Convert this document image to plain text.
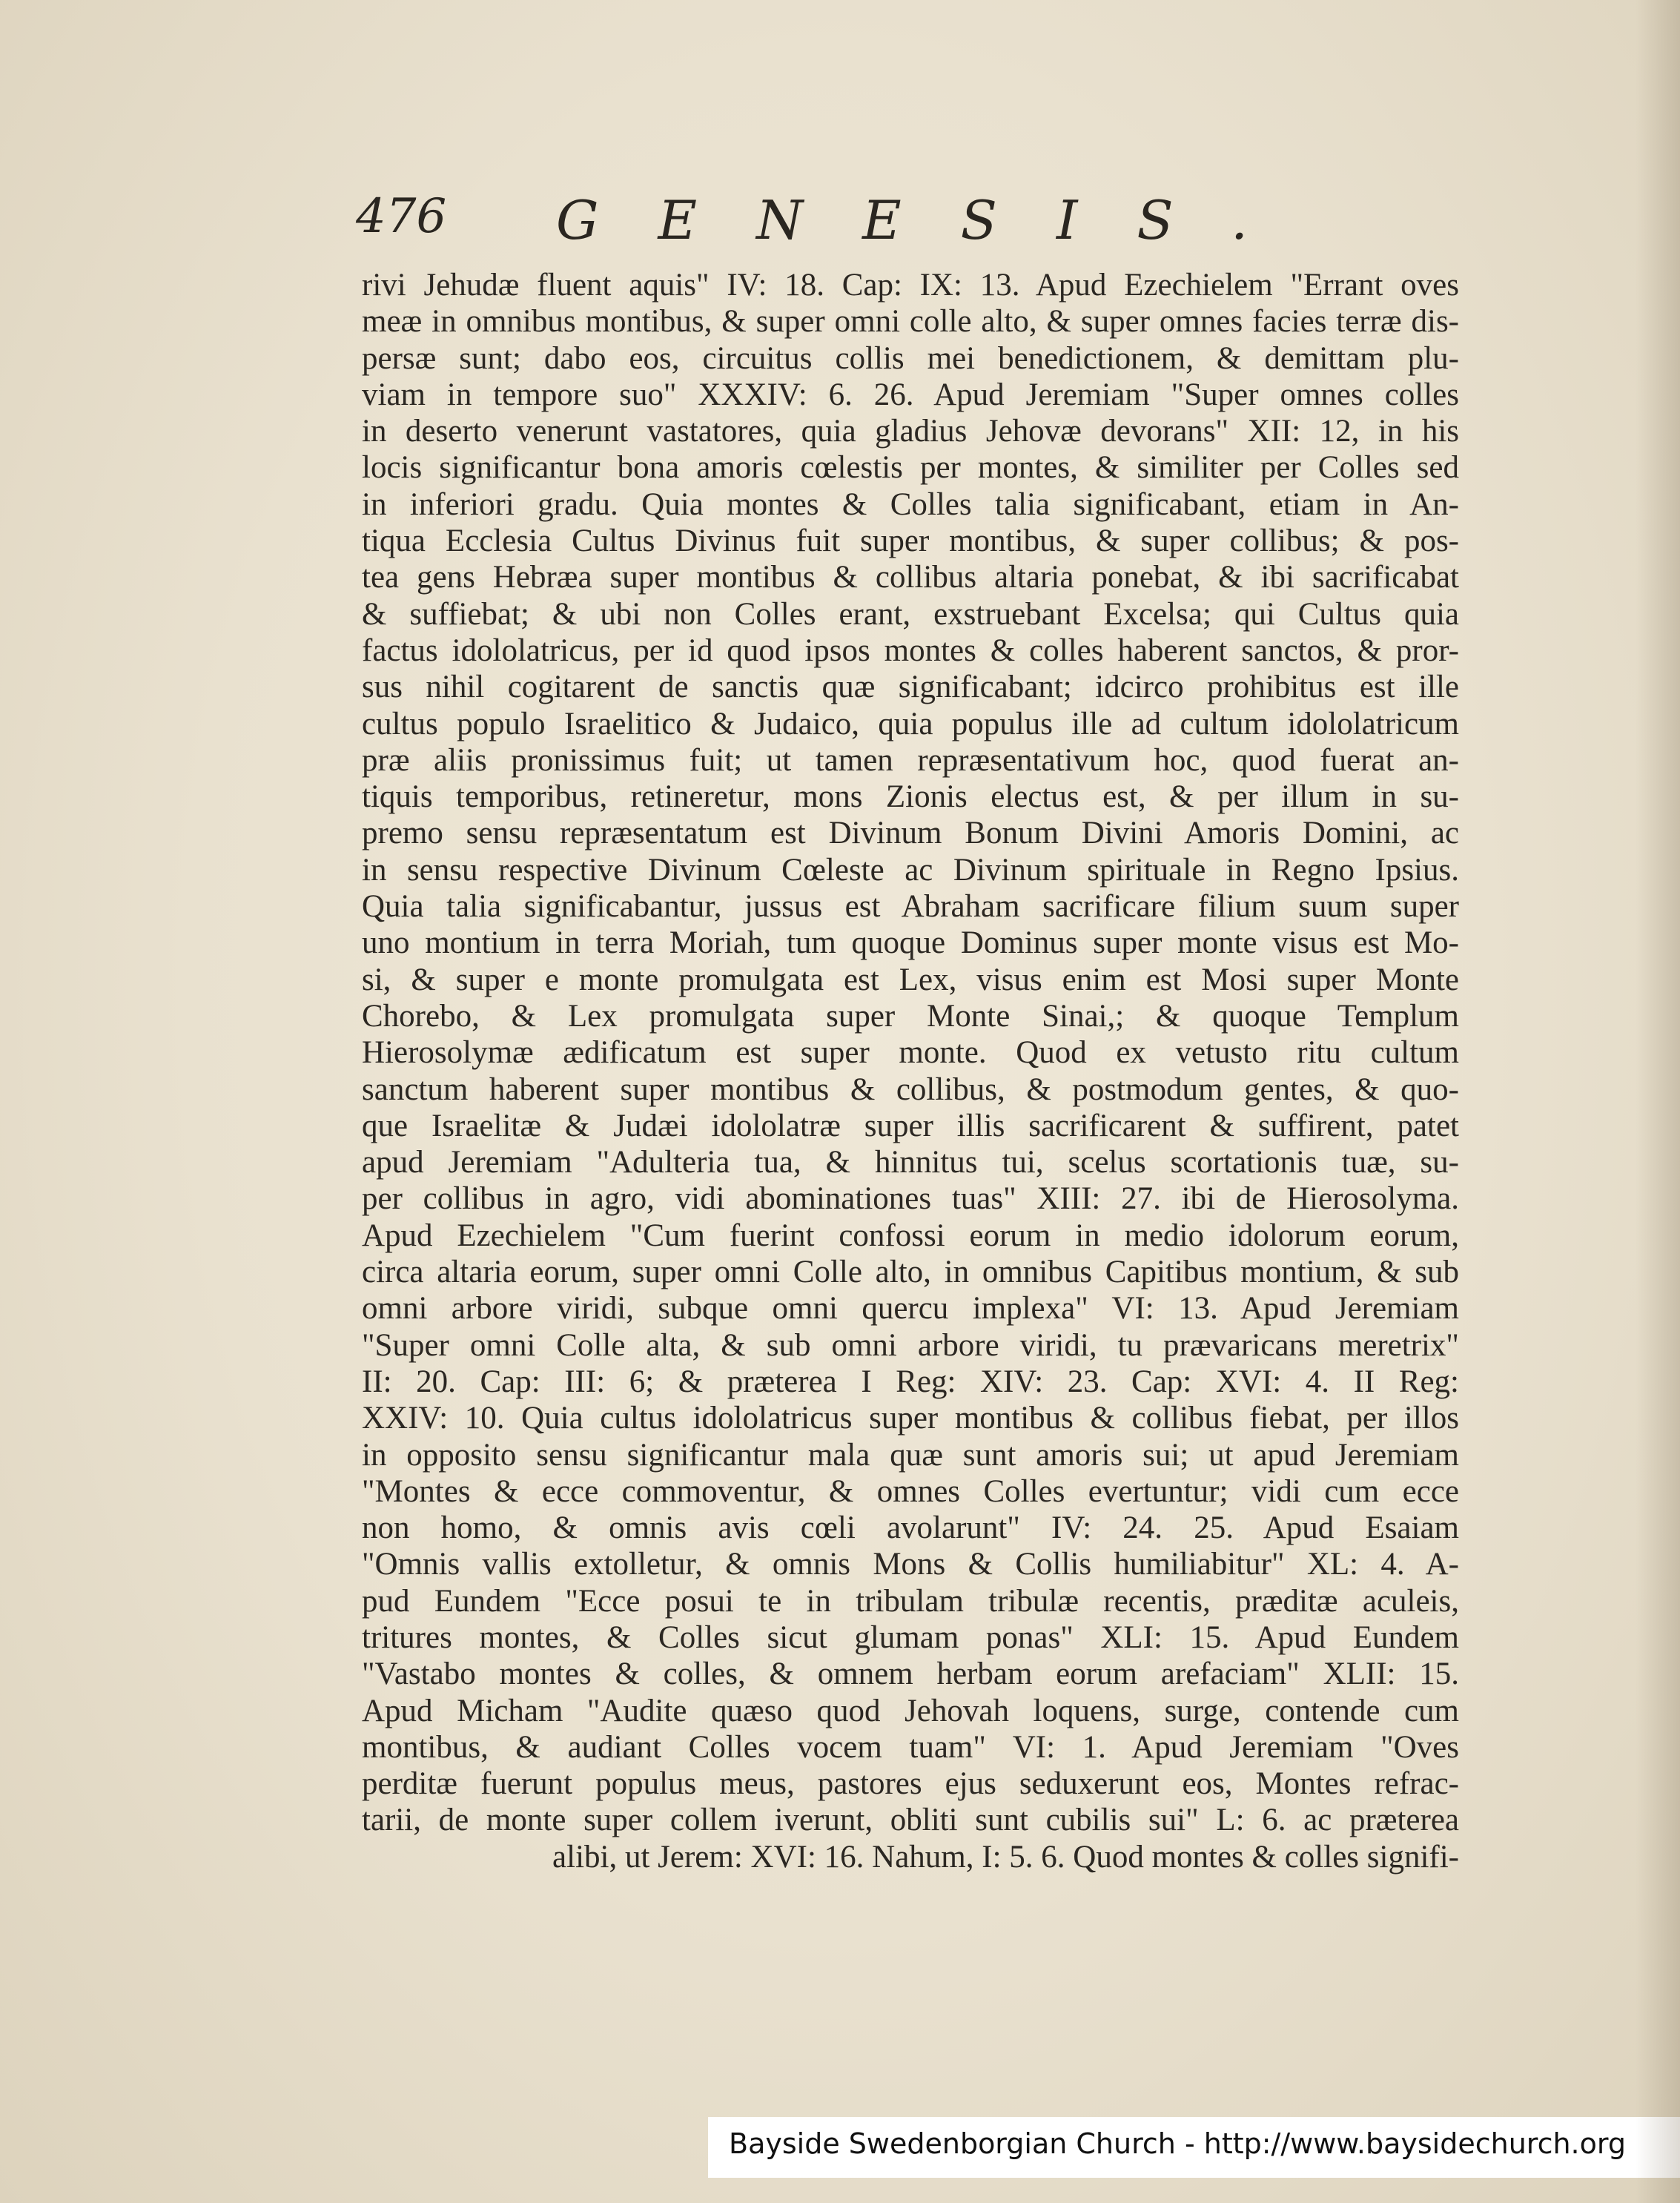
476 GENESIS.
rivi Jehudæ fluent aquis" IV: 18. Cap: IX: 13. Apud Ezechielem "Errant oves
meæ in omnibus montibus, & super omni colle alto, & super omnes facies terræ dis-
persæ sunt; dabo eos, circuitus collis mei benedictionem, & demittam plu-
viam in tempore suo" XXXIV: 6. 26. Apud Jeremiam "Super omnes colles
in deserto venerunt vastatores, quia gladius Jehovæ devorans" XII: 12, in his
locis significantur bona amoris cœlestis per montes, & similiter per Colles sed
in inferiori gradu. Quia montes & Colles talia significabant, etiam in An-
tiqua Ecclesia Cultus Divinus fuit super montibus, & super collibus; & pos-
tea gens Hebræa super montibus & collibus altaria ponebat, & ibi sacrificabat
& suffiebat; & ubi non Colles erant, exstruebant Excelsa; qui Cultus quia
factus idololatricus, per id quod ipsos montes & colles haberent sanctos, & pror-
sus nihil cogitarent de sanctis quæ significabant; idcirco prohibitus est ille
cultus populo Israelitico & Judaico, quia populus ille ad cultum idololatricum
præ aliis pronissimus fuit; ut tamen repræsentativum hoc, quod fuerat an-
tiquis temporibus, retineretur, mons Zionis electus est, & per illum in su-
premo sensu repræsentatum est Divinum Bonum Divini Amoris Domini, ac
in sensu respective Divinum Cœleste ac Divinum spirituale in Regno Ipsius.
Quia talia significabantur, jussus est Abraham sacrificare filium suum super
uno montium in terra Moriah, tum quoque Dominus super monte visus est Mo-
si, & super e monte promulgata est Lex, visus enim est Mosi super Monte
Chorebo, & Lex promulgata super Monte Sinai,; & quoque Templum
Hierosolymæ ædificatum est super monte. Quod ex vetusto ritu cultum
sanctum haberent super montibus & collibus, & postmodum gentes, & quo-
que Israelitæ & Judæi idololatræ super illis sacrificarent & suffirent, patet
apud Jeremiam "Adulteria tua, & hinnitus tui, scelus scortationis tuæ, su-
per collibus in agro, vidi abominationes tuas" XIII: 27. ibi de Hierosolyma.
Apud Ezechielem "Cum fuerint confossi eorum in medio idolorum eorum,
circa altaria eorum, super omni Colle alto, in omnibus Capitibus montium, & sub
omni arbore viridi, subque omni quercu implexa" VI: 13. Apud Jeremiam
"Super omni Colle alta, & sub omni arbore viridi, tu prævaricans meretrix"
II: 20. Cap: III: 6; & præterea I Reg: XIV: 23. Cap: XVI: 4. II Reg:
XXIV: 10. Quia cultus idololatricus super montibus & collibus fiebat, per illos
in opposito sensu significantur mala quæ sunt amoris sui; ut apud Jeremiam
"Montes & ecce commoventur, & omnes Colles evertuntur; vidi cum ecce
non homo, & omnis avis cœli avolarunt" IV: 24. 25. Apud Esaiam
"Omnis vallis extolletur, & omnis Mons & Collis humiliabitur" XL: 4. A-
pud Eundem "Ecce posui te in tribulam tribulæ recentis, præditæ aculeis,
tritures montes, & Colles sicut glumam ponas" XLI: 15. Apud Eundem
"Vastabo montes & colles, & omnem herbam eorum arefaciam" XLII: 15.
Apud Micham "Audite quæso quod Jehovah loquens, surge, contende cum
montibus, & audiant Colles vocem tuam" VI: 1. Apud Jeremiam "Oves
perditæ fuerunt populus meus, pastores ejus seduxerunt eos, Montes refrac-
tarii, de monte super collem iverunt, obliti sunt cubilis sui" L: 6. ac præterea
alibi, ut Jerem: XVI: 16. Nahum, I: 5. 6. Quod montes & colles signifi-
Bayside Swedenborgian Church - http://www.baysidechurch.org
